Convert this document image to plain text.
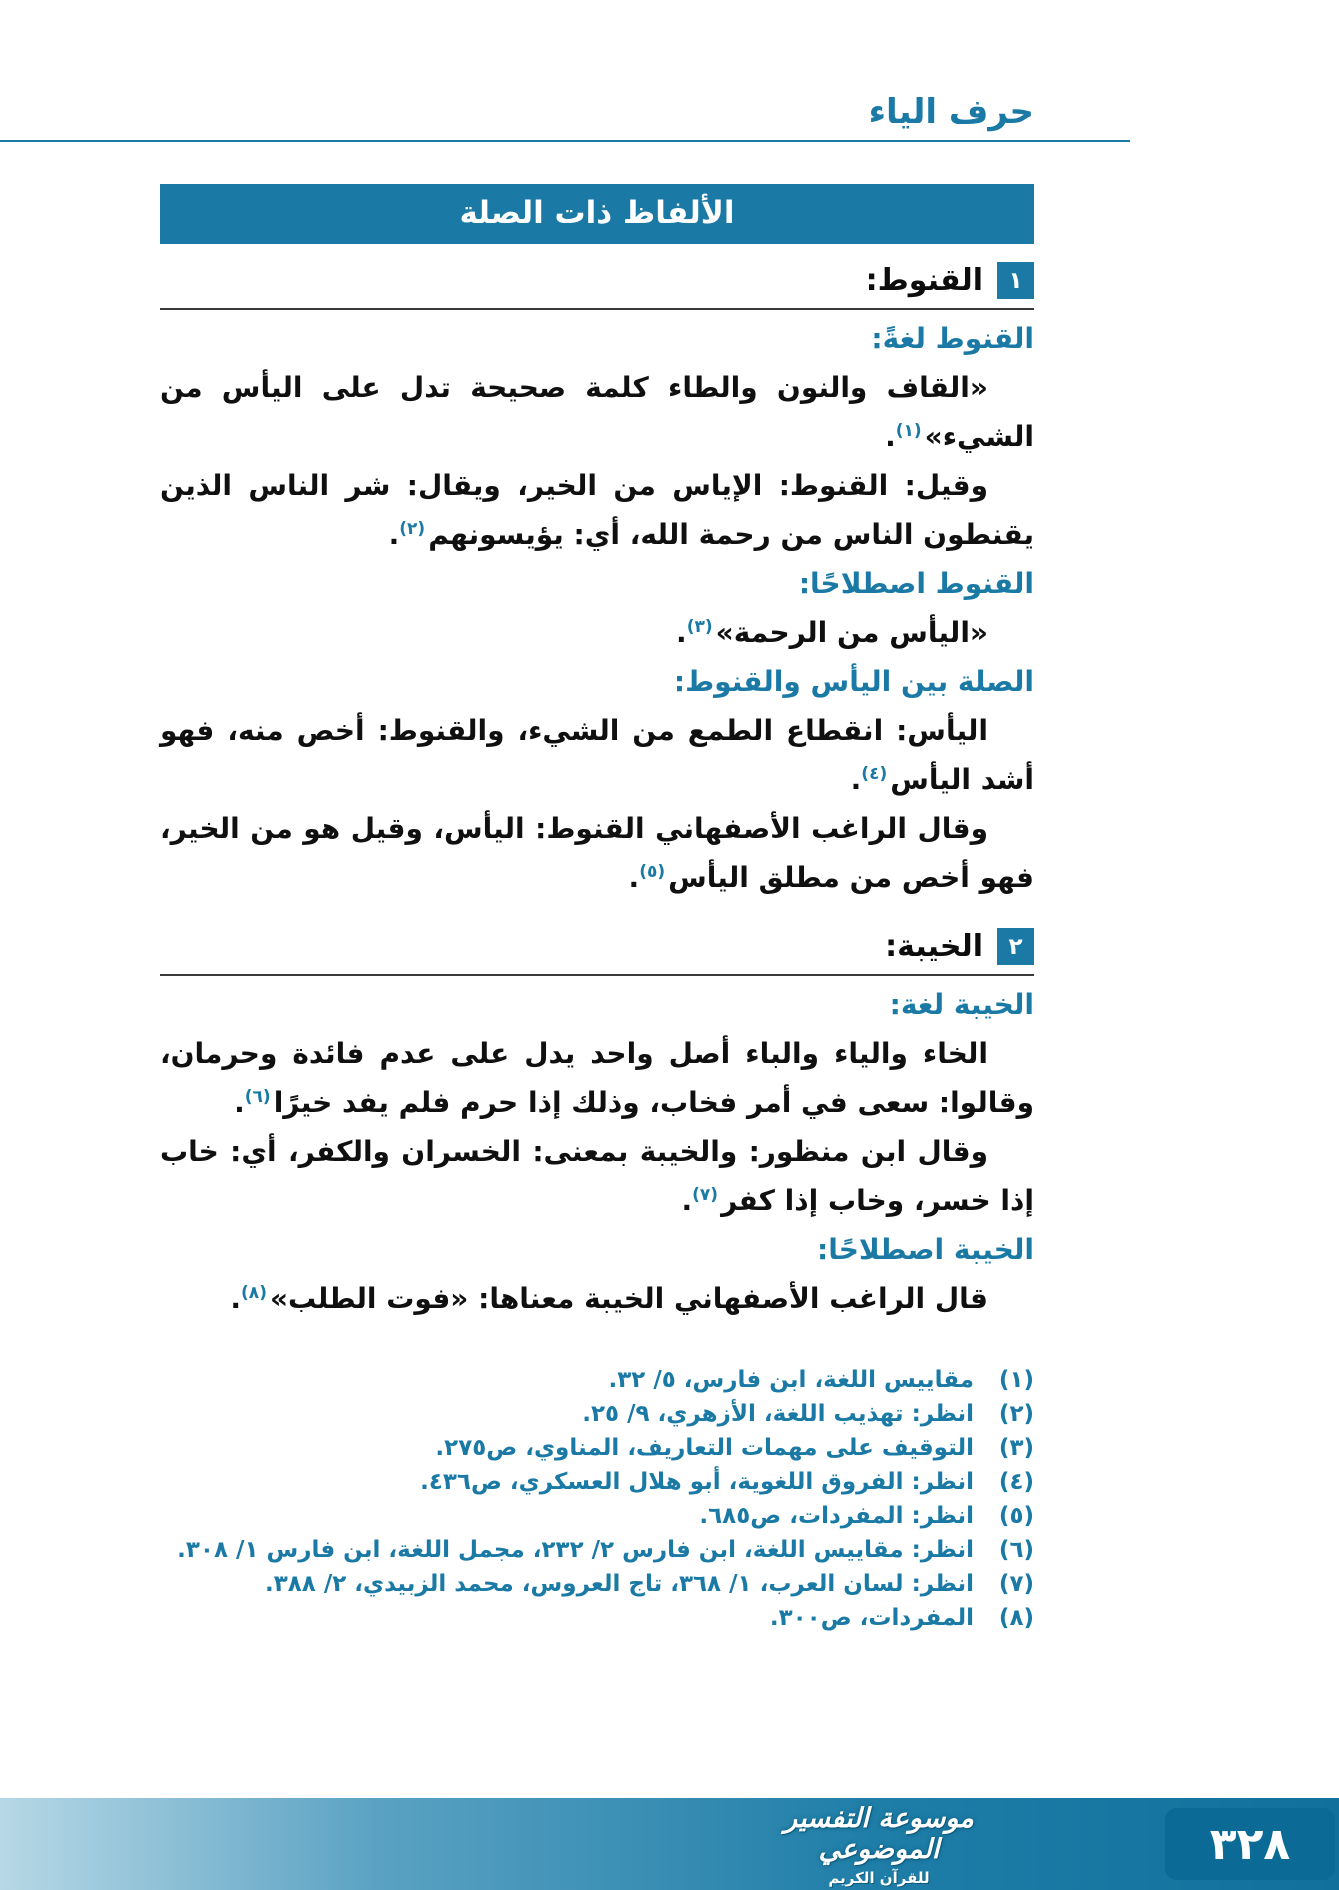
حرف الياء
الألفاظ ذات الصلة
١
القنوط:
القنوط لغةً:

«القاف والنون والطاء كلمة صحيحة تدل على اليأس من الشيء»$^{(١)}$.

وقيل: القنوط: الإياس من الخير، ويقال: شر الناس الذين يقنطون الناس من رحمة الله، أي: يؤيسونهم$^{(٢)}$.

القنوط اصطلاحًا:

«اليأس من الرحمة»$^{(٣)}$.

الصلة بين اليأس والقنوط:

اليأس: انقطاع الطمع من الشيء، والقنوط: أخص منه، فهو أشد اليأس$^{(٤)}$.

وقال الراغب الأصفهاني القنوط: اليأس، وقيل هو من الخير، فهو أخص من مطلق اليأس$^{(٥)}$.

٢
الخيبة:
الخيبة لغة:

الخاء والياء والباء أصل واحد يدل على عدم فائدة وحرمان، وقالوا: سعى في أمر فخاب، وذلك إذا حرم فلم يفد خيرًا$^{(٦)}$.

وقال ابن منظور: والخيبة بمعنى: الخسران والكفر، أي: خاب إذا خسر، وخاب إذا كفر$^{(٧)}$.

الخيبة اصطلاحًا:

قال الراغب الأصفهاني الخيبة معناها: «فوت الطلب»$^{(٨)}$.

(١)
مقاييس اللغة، ابن فارس، ٥/ ٣٢.
(٢)
انظر: تهذيب اللغة، الأزهري، ٩/ ٢٥.
(٣)
التوقيف على مهمات التعاريف، المناوي، ص٢٧٥.
(٤)
انظر: الفروق اللغوية، أبو هلال العسكري، ص٤٣٦.
(٥)
انظر: المفردات، ص٦٨٥.
(٦)
انظر: مقاييس اللغة، ابن فارس ٢/ ٢٣٢، مجمل اللغة، ابن فارس ١/ ٣٠٨.
(٧)
انظر: لسان العرب، ١/ ٣٦٨، تاج العروس، محمد الزبيدي، ٢/ ٣٨٨.
(٨)
المفردات، ص٣٠٠.
موسوعة التفسير الموضوعي
للقرآن الكريم
٣٢٨
